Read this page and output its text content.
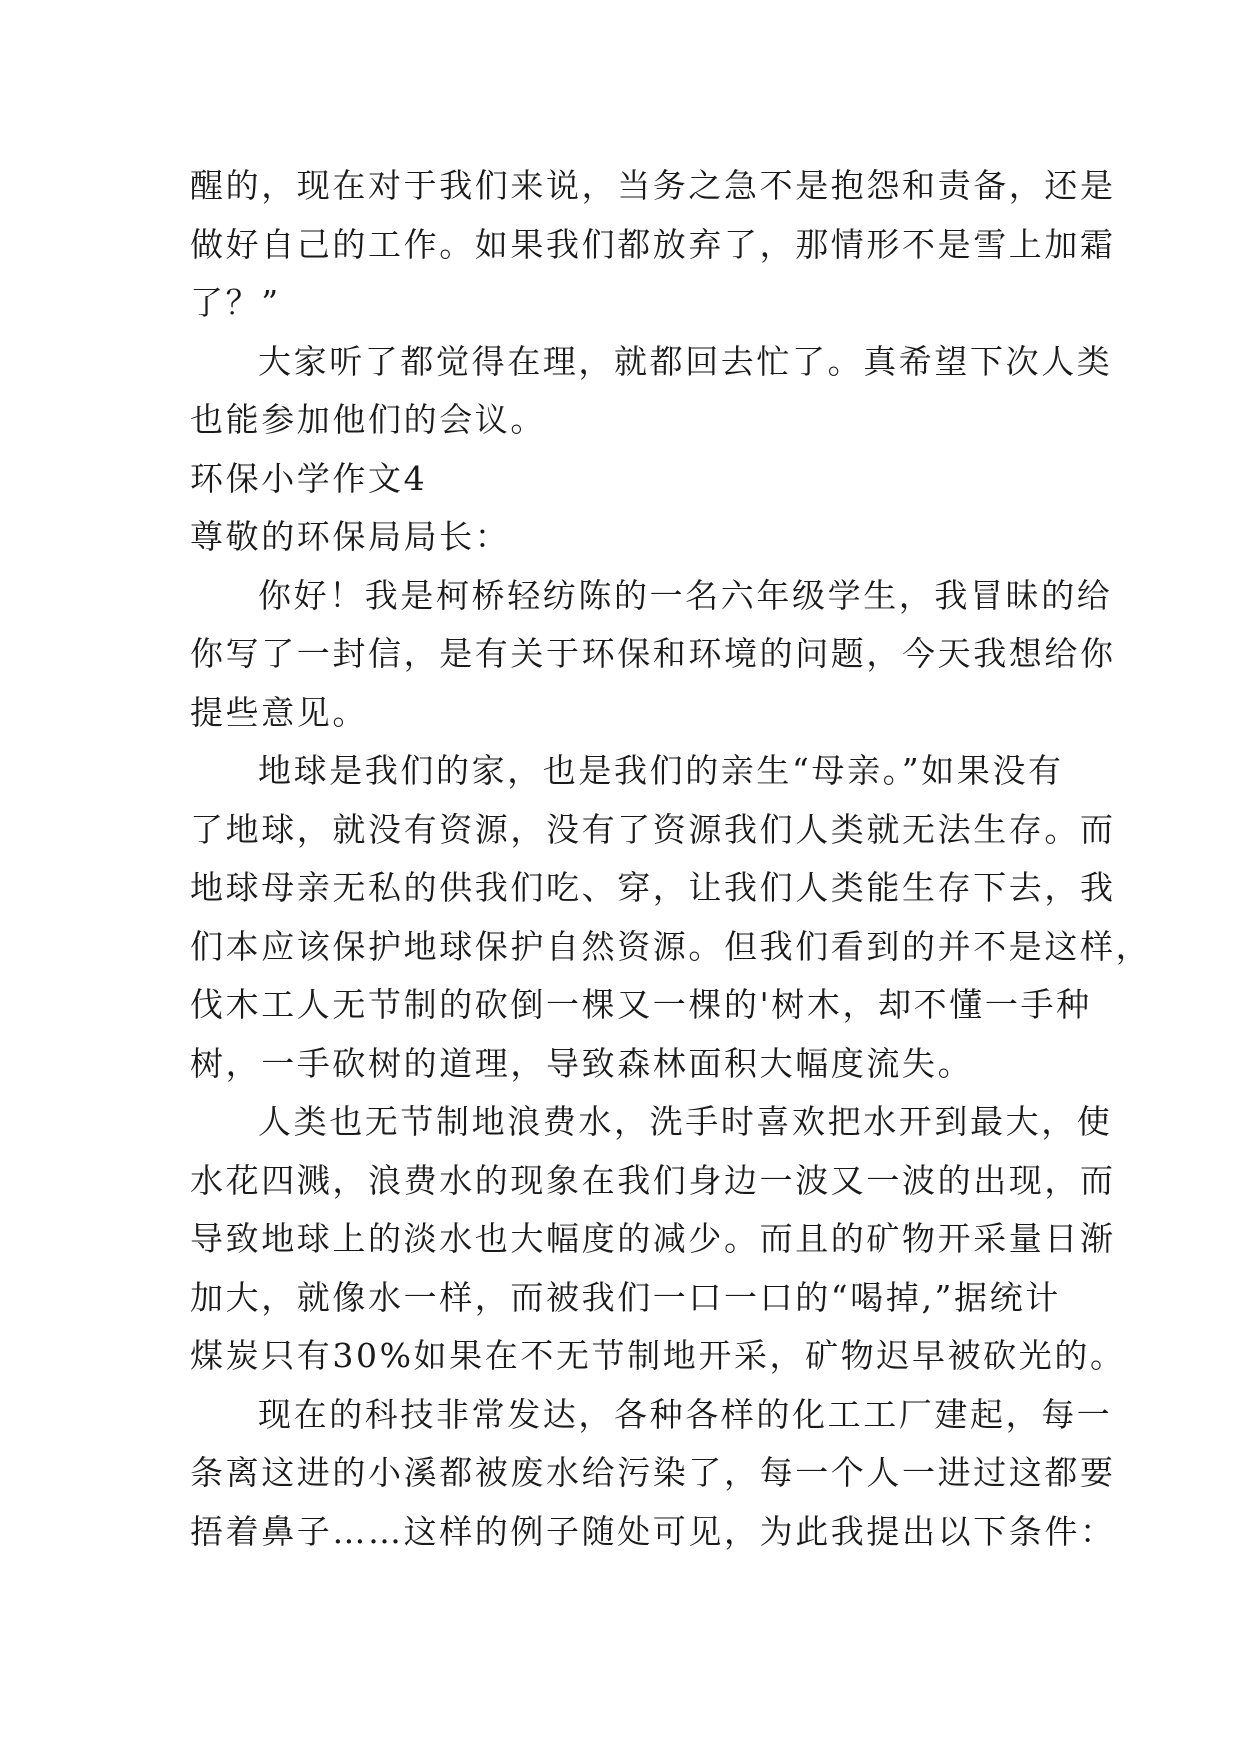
醒的，现在对于我们来说，当务之急不是抱怨和责备，还是
做好自己的工作。如果我们都放弃了，那情形不是雪上加霜
了？”
大家听了都觉得在理，就都回去忙了。真希望下次人类
也能参加他们的会议。
环保小学作文4
尊敬的环保局局长：
你好！我是柯桥轻纺陈的一名六年级学生，我冒昧的给
你写了一封信，是有关于环保和环境的问题，今天我想给你
提些意见。
地球是我们的家，也是我们的亲生“母亲。”如果没有
了地球，就没有资源，没有了资源我们人类就无法生存。而
地球母亲无私的供我们吃、穿，让我们人类能生存下去，我
们本应该保护地球保护自然资源。但我们看到的并不是这样，
伐木工人无节制的砍倒一棵又一棵的'树木，却不懂一手种
树，一手砍树的道理，导致森林面积大幅度流失。
人类也无节制地浪费水，洗手时喜欢把水开到最大，使
水花四溅，浪费水的现象在我们身边一波又一波的出现，而
导致地球上的淡水也大幅度的减少。而且的矿物开采量日渐
加大，就像水一样，而被我们一口一口的“喝掉,”据统计
煤炭只有30%如果在不无节制地开采，矿物迟早被砍光的。
现在的科技非常发达，各种各样的化工工厂建起，每一
条离这进的小溪都被废水给污染了，每一个人一进过这都要
捂着鼻子……这样的例子随处可见，为此我提出以下条件：
